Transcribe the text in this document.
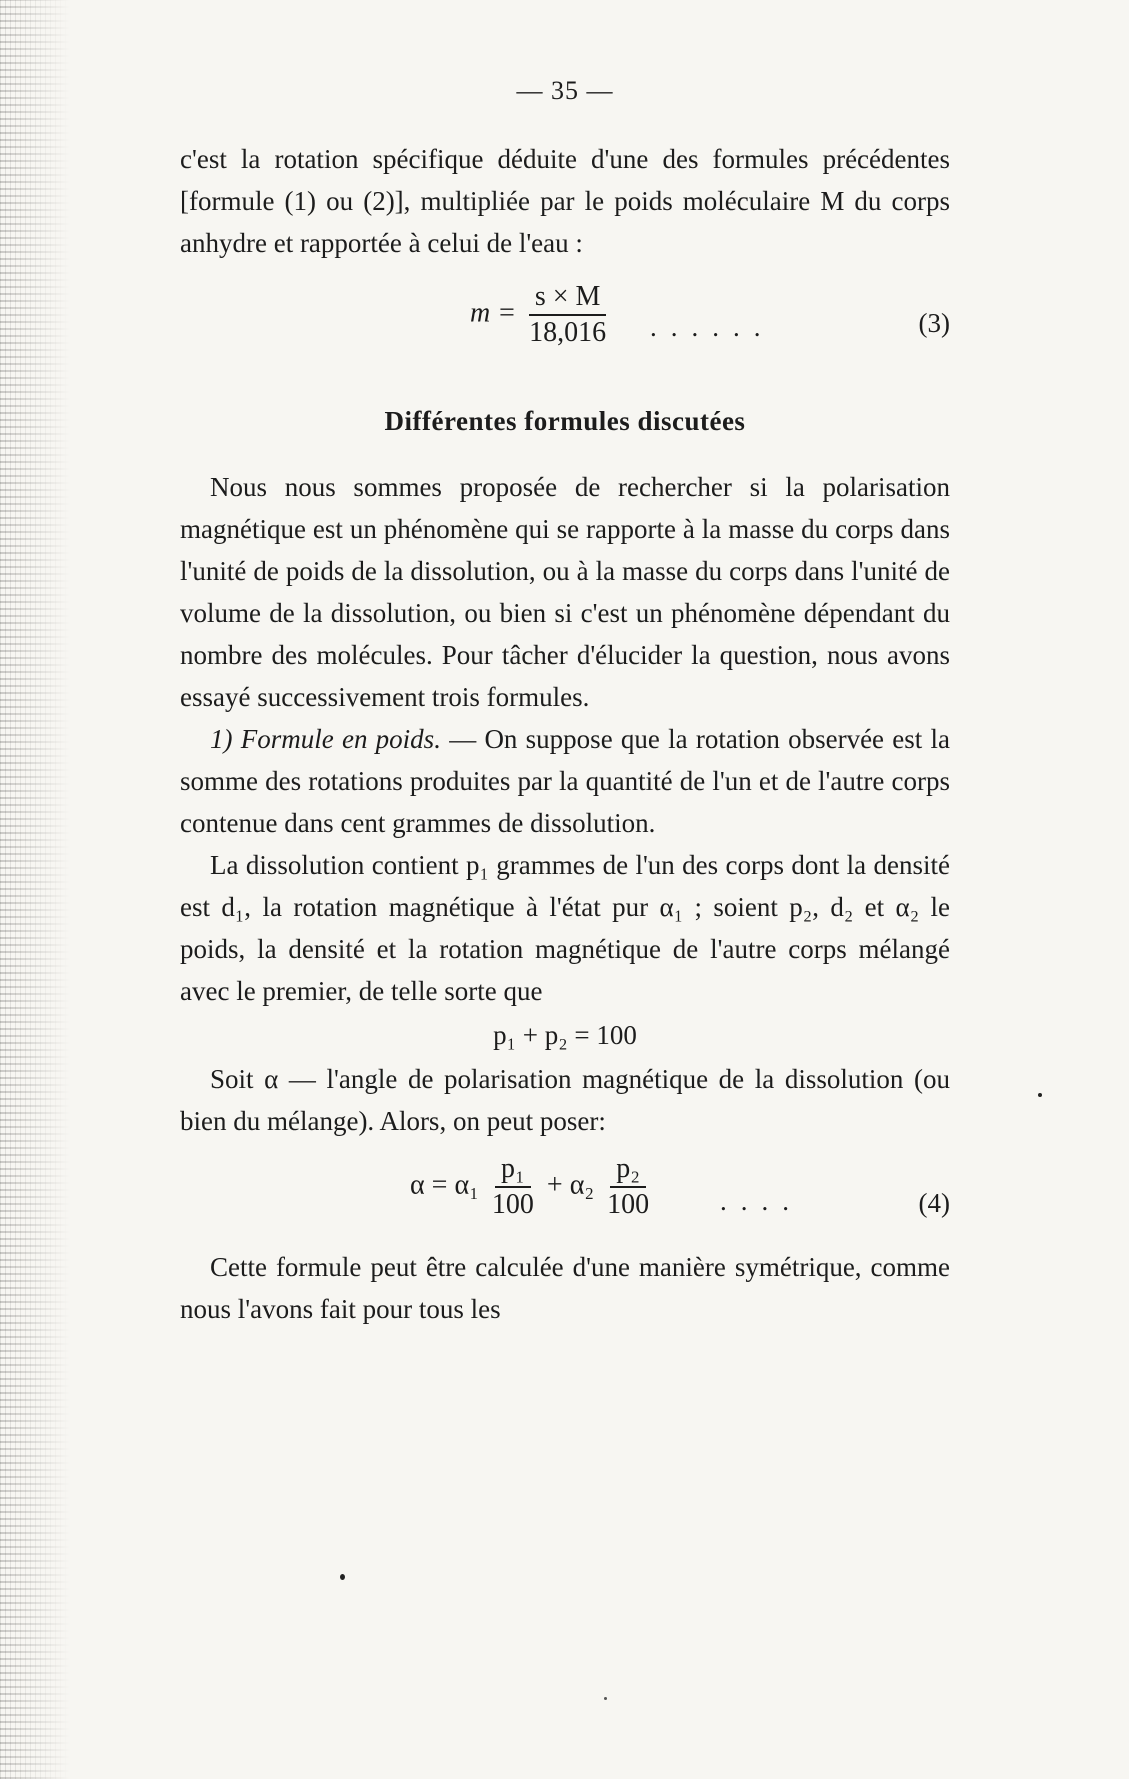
— 35 —

c'est la rotation spécifique déduite d'une des formules précédentes [formule (1) ou (2)], multipliée par le poids moléculaire M du corps anhydre et rapportée à celui de l'eau :

$m = \frac{s \times M}{18,016}$ ......	(3)
Différentes formules discutées

Nous nous sommes proposée de rechercher si la polarisation magnétique est un phénomène qui se rapporte à la masse du corps dans l'unité de poids de la dissolution, ou à la masse du corps dans l'unité de volume de la dissolution, ou bien si c'est un phénomène dépendant du nombre des molécules. Pour tâcher d'élucider la question, nous avons essayé successivement trois formules.

1) Formule en poids. — On suppose que la rotation observée est la somme des rotations produites par la quantité de l'un et de l'autre corps contenue dans cent grammes de dissolution.

La dissolution contient p₁ grammes de l'un des corps dont la densité est d₁, la rotation magnétique à l'état pur α₁ ; soient p₂, d₂ et α₂ le poids, la densité et la rotation magnétique de l'autre corps mélangé avec le premier, de telle sorte que

p₁ + p₂ = 100

Soit α — l'angle de polarisation magnétique de la dissolution (ou bien du mélange). Alors, on peut poser:

$\alpha = \alpha_1 \frac{\text{p₁}}{100} + \alpha_2 \frac{\text{p₂}}{100}$ ....	(4)

Cette formule peut être calculée d'une manière symétrique, comme nous l'avons fait pour tous les
